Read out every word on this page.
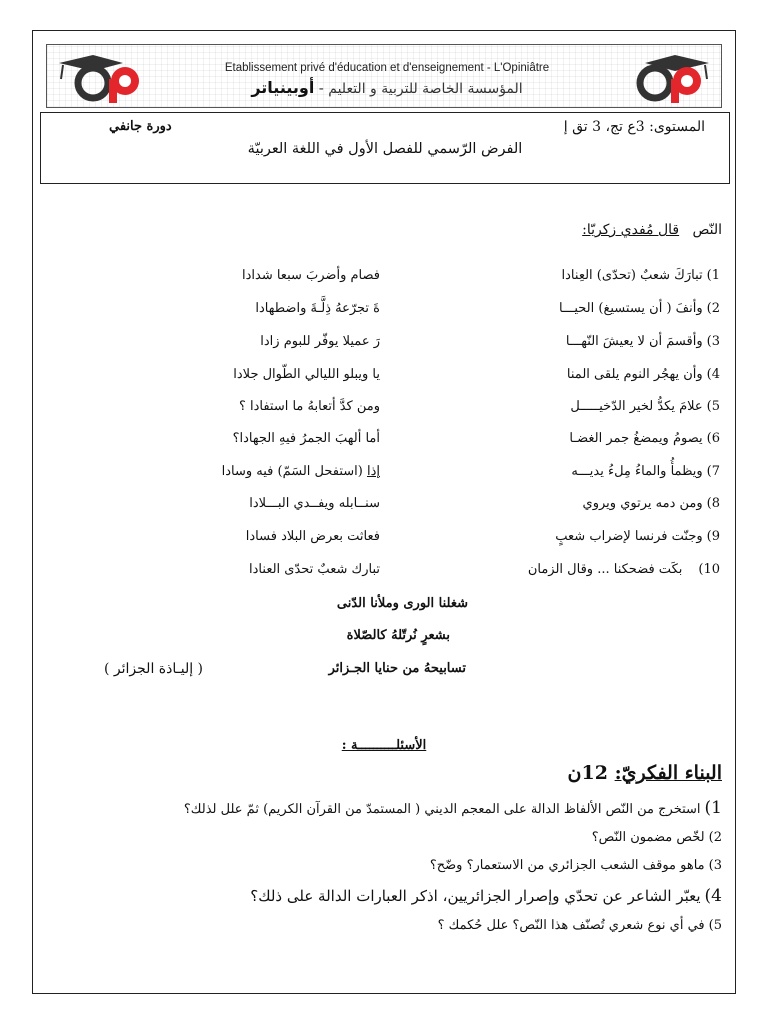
Etablissement privé d'éducation et d'enseignement - L'Opiniâtre
المؤسسة الخاصة للتربية و التعليم - أوبينياتر
المستوى: 3ع تج، 3 تق إ
دورة جانفي
الفرض الرّسمي للفصل الأول في اللغة العربيّة
النّص   قال مُفدي زكريّا:
1)تبارَكَ شعبٌ (تحدّى) العِنادا
فصام وأضربَ سبعا شدادا
2)وأنفَ ( أن يستسيغ) الحيـــا
ةَ تجرّعهُ ذِلَّـةَ واضطهادا
3)وأقسمَ أن لا يعيشَ النّهـــا
رَ عميلا يوفّر للبوم زادا
4)وأن يهجُر النوم يلقى المنا
يا ويبلو الليالي الطّوال جلادا
5)علامَ يكدُّ لخير الدّخيـــــل
ومن كدَّ أتعابهُ ما استفادا ؟
6)يصومُ ويمضغُ جمر الغضـا
أما ألهبَ الجمرُ فيهِ الجهادا؟
7)ويظمأُ والماءُ مِلءُ يديـــه
إذا (استفحل السَمّ) فيه وسادا
8)ومن دمه يرتوي ويروي
سنــابله ويفــدي البـــلادا
9)وجنّت فرنسا لإضراب شعبٍ
فعاثت بعرض البلاد فسادا
10)بكَت فضحكنا ... وقال الزمان
تبارك شعبٌ تحدّى العنادا
شغلنا الورى وملأنا الدّنى
بشعرٍ نُرتّلهُ كالصّلاة
تسابيحهُ من حنايا الجـزائر
( إليـاذة الجزائر )
الأسئلــــــــــة :
البناء الفكريّ: 12ن
1)استخرج من النّص الألفاظ الدالة على المعجم الديني ( المستمدّ من القرآن الكريم) ثمّ علل لذلك؟
2)لخّص مضمون النّص؟
3)ماهو موقف الشعب الجزائري من الاستعمار؟ وضّح؟
4)يعبّر الشاعر عن تحدّي وإصرار الجزائريين، اذكر العبارات الدالة على ذلك؟
5)في أي نوع شعري تُصنّف هذا النّص؟ علل حُكمك ؟
